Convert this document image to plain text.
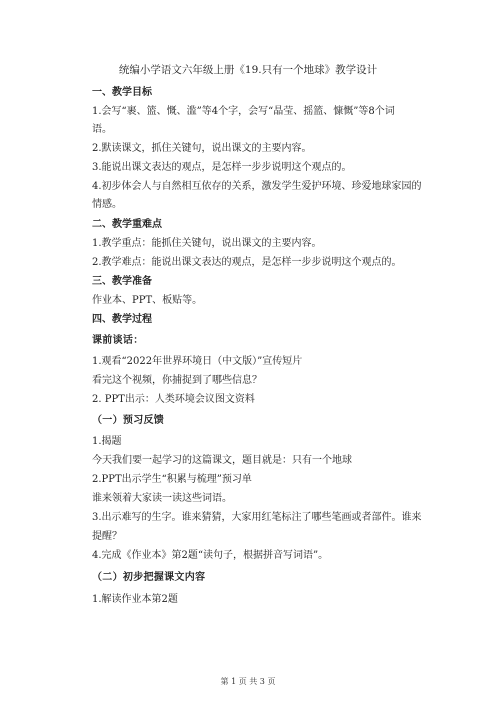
统编小学语文六年级上册《19.只有一个地球》教学设计
一、教学目标
1.会写“裹、篮、慨、滥”等4个字，会写“晶莹、摇篮、慷慨”等8个词
语。
2.默读课文，抓住关键句，说出课文的主要内容。
3.能说出课文表达的观点，是怎样一步步说明这个观点的。
4.初步体会人与自然相互依存的关系，激发学生爱护环境、珍爱地球家园的
情感。
二、教学重难点
1.教学重点：能抓住关键句，说出课文的主要内容。
2.教学难点：能说出课文表达的观点，是怎样一步步说明这个观点的。
三、教学准备
作业本、PPT、板贴等。
四、教学过程
课前谈话：
1.观看“2022年世界环境日（中文版）”宣传短片
看完这个视频，你捕捉到了哪些信息？
2. PPT出示：人类环境会议图文资料
（一）预习反馈
1.揭题
今天我们要一起学习的这篇课文，题目就是：只有一个地球
2.PPT出示学生“积累与梳理”预习单
谁来领着大家读一读这些词语。
3.出示难写的生字。谁来猜猜，大家用红笔标注了哪些笔画或者部件。谁来
提醒？
4.完成《作业本》第2题“读句子，根据拼音写词语”。
（二）初步把握课文内容
1.解读作业本第2题
第 1 页 共 3 页
